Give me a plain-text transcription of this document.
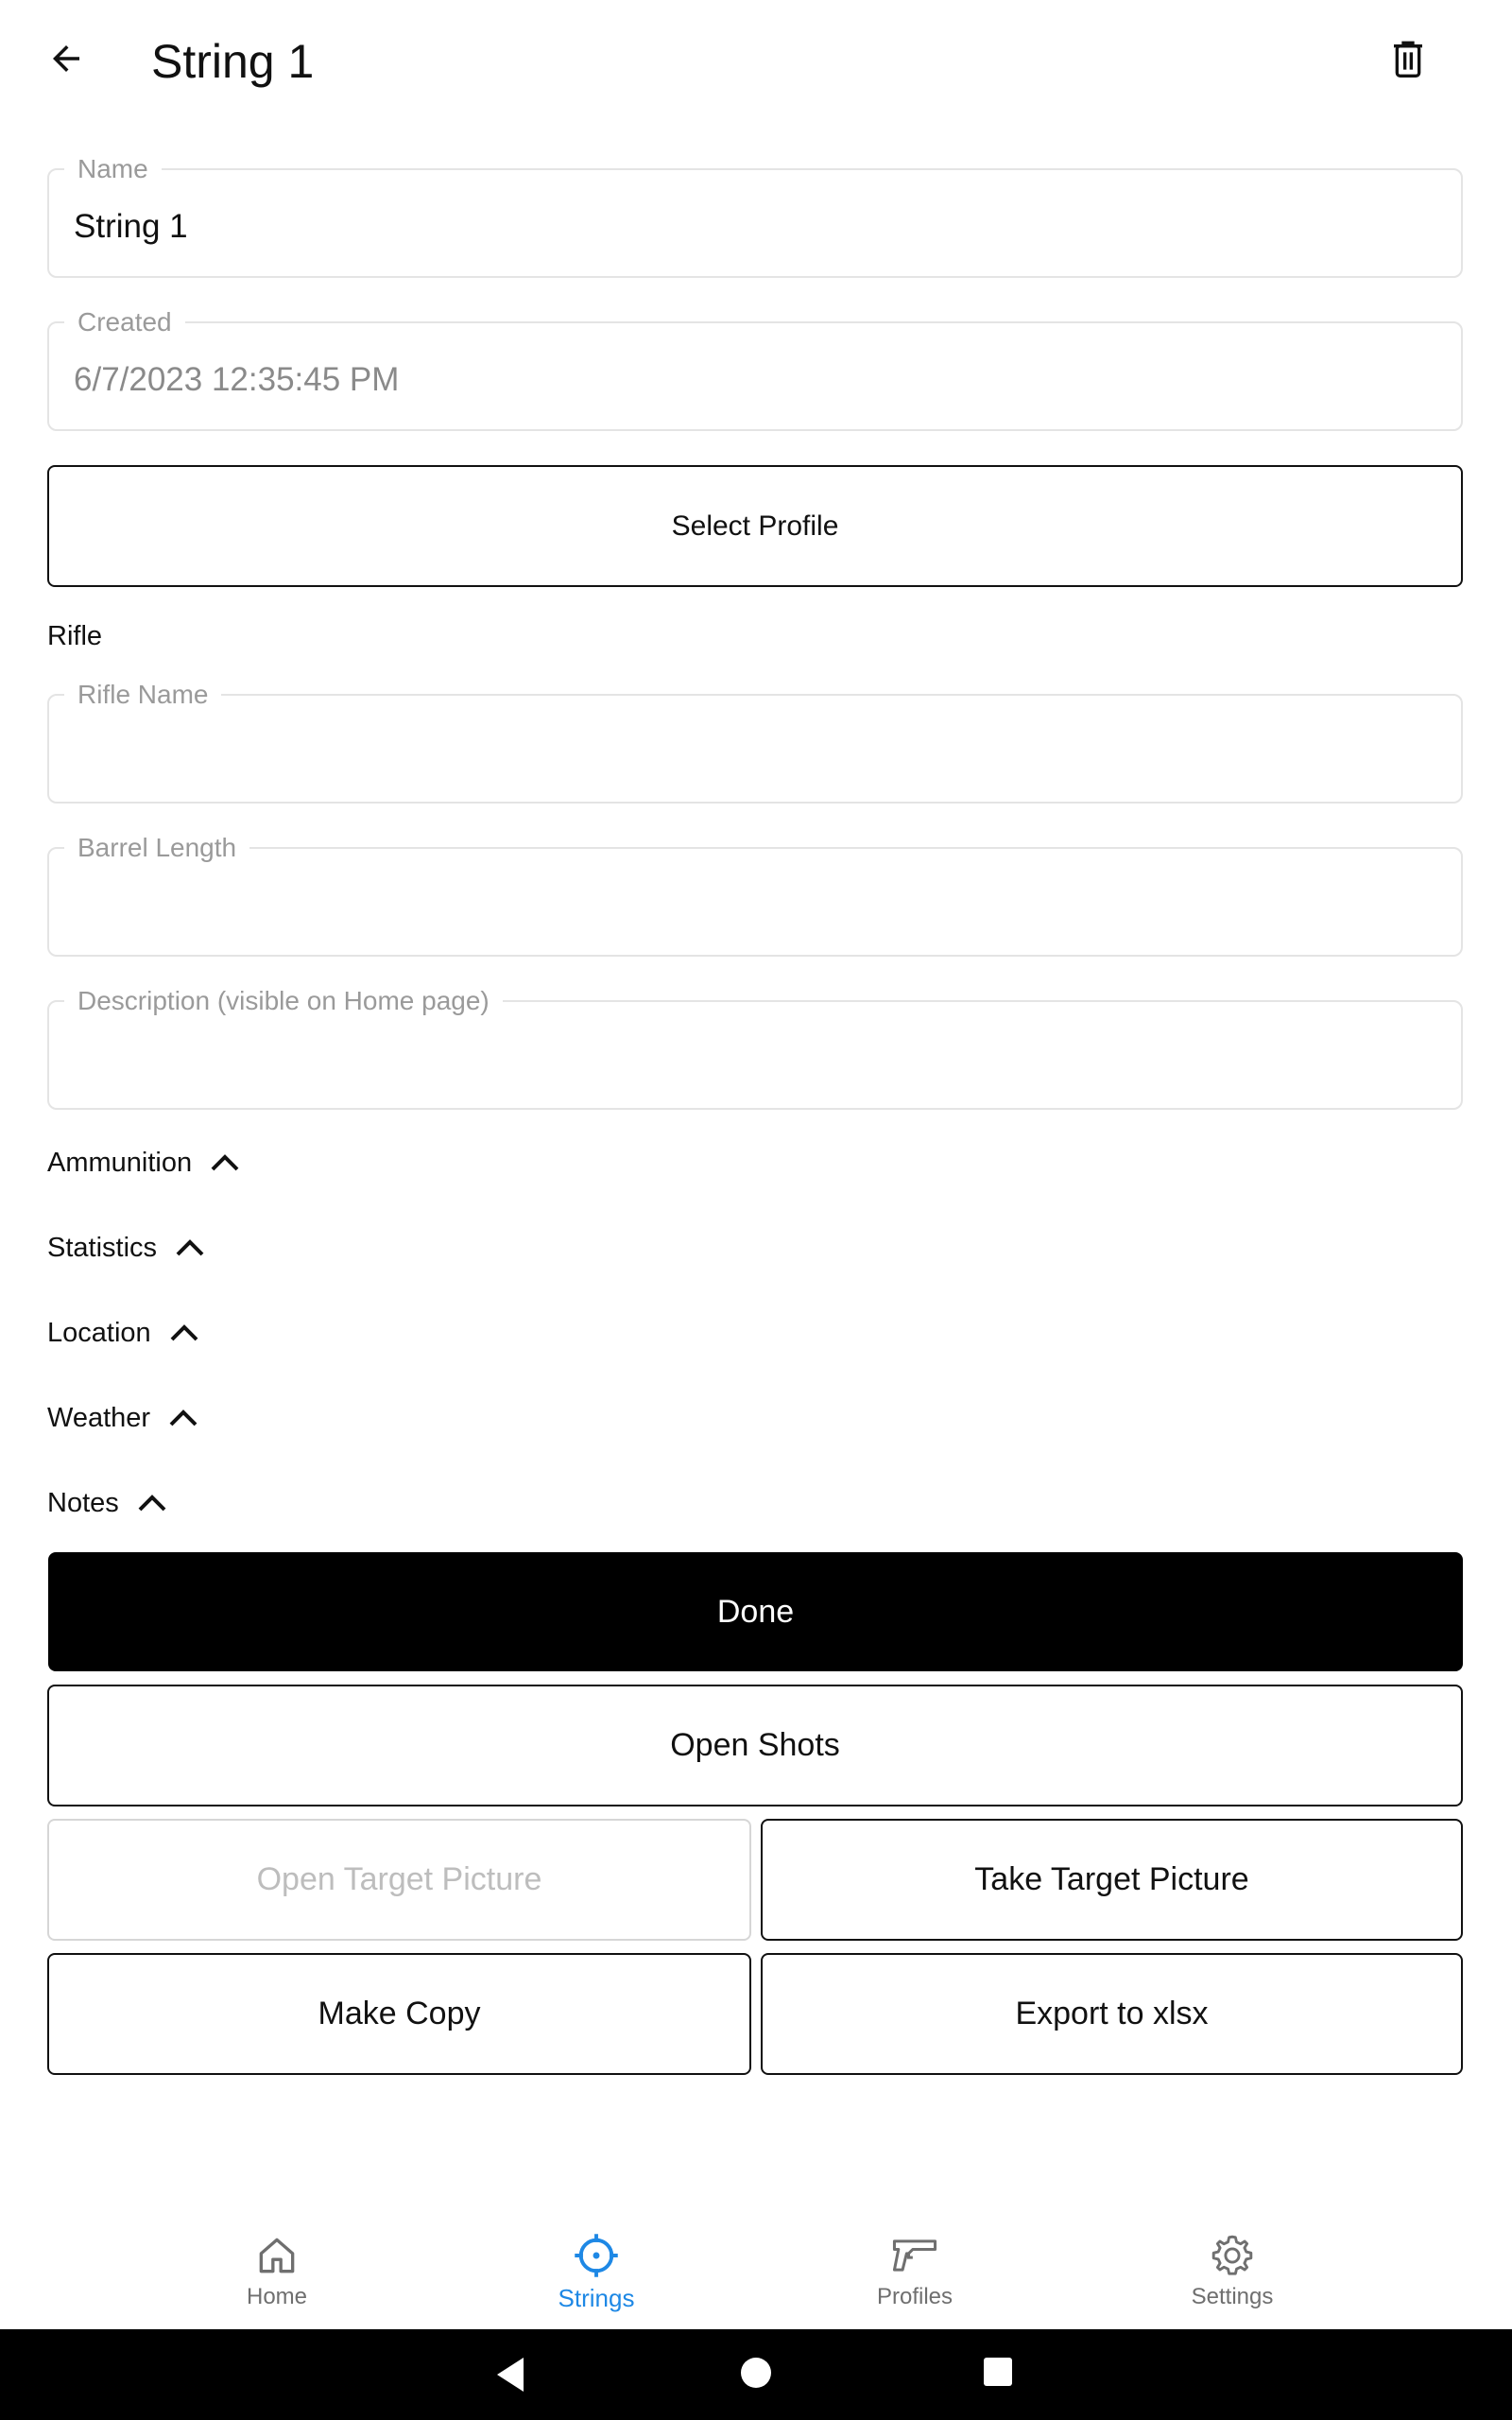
String 1
Name
String 1
Created
6/7/2023 12:35:45 PM
Select Profile
Rifle
Rifle Name
Barrel Length
Description (visible on Home page)
Ammunition
Statistics
Location
Weather
Notes
Done
Open Shots
Open Target Picture	Take Target Picture
Make Copy	Export to xlsx
Home	Strings	Profiles	Settings
